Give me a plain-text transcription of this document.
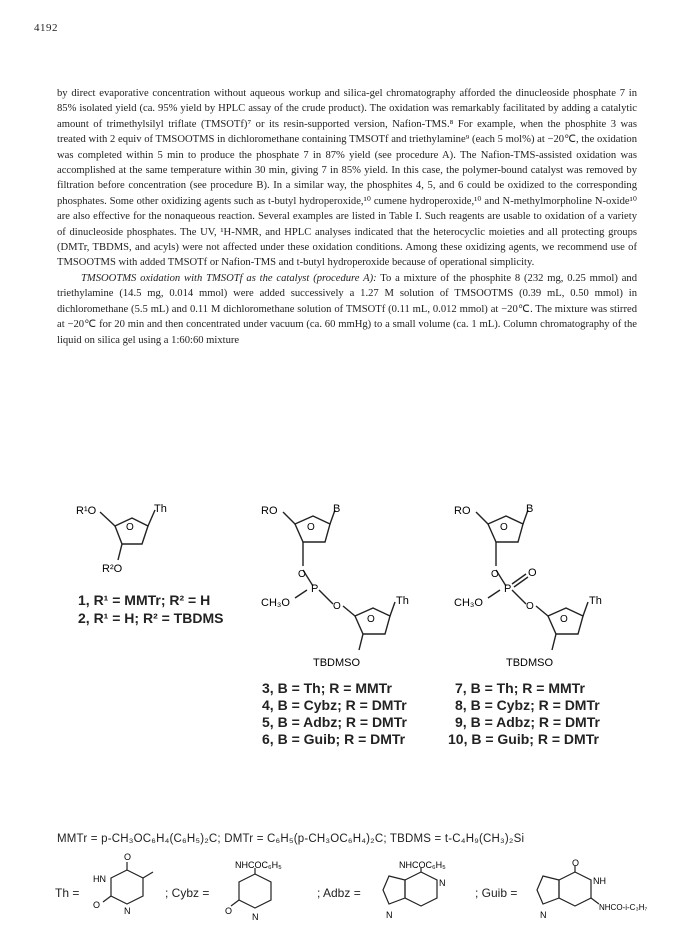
4192

by direct evaporative concentration without aqueous workup and silica-gel chromatography afforded the dinucleoside phosphate 7 in 85% isolated yield (ca. 95% yield by HPLC assay of the crude product). The oxidation was remarkably facilitated by adding a catalytic amount of trimethylsilyl triflate (TMSOTf)⁷ or its resin-supported version, Nafion-TMS.⁸ For example, when the phosphite 3 was treated with 2 equiv of TMSOOTMS in dichloromethane containing TMSOTf and triethylamine⁹ (each 5 mol%) at −20℃, the oxidation was completed within 5 min to produce the phosphate 7 in 87% yield (see procedure A). The Nafion-TMS-assisted oxidation was accomplished at the same temperature within 30 min, giving 7 in 85% yield. In this case, the polymer-bound catalyst was removed by filtration before concentration (see procedure B). In a similar way, the phosphites 4, 5, and 6 could be oxidized to the corresponding phosphates. Some other oxidizing agents such as t-butyl hydroperoxide,¹⁰ cumene hydroperoxide,¹⁰ and N-methylmorpholine N-oxide¹⁰ are also effective for the nonaqueous reaction. Several examples are listed in Table I. Such reagents are usable to oxidation of a variety of dinucleoside phosphates. The UV, ¹H-NMR, and HPLC analyses indicated that the heterocyclic moieties and all protecting groups (DMTr, TBDMS, and acyls) were not affected under these oxidation conditions. Among these oxidizing agents, we recommend use of TMSOOTMS with added TMSOTf or Nafion-TMS and t-butyl hydroperoxide because of operational simplicity.

TMSOOTMS oxidation with TMSOTf as the catalyst (procedure A): To a mixture of the phosphite 8 (232 mg, 0.25 mmol) and triethylamine (14.5 mg, 0.014 mmol) were added successively a 1.27 M solution of TMSOOTMS (0.39 mL, 0.50 mmol) in dichloromethane (5.5 mL) and 0.11 M dichloromethane solution of TMSOTf (0.11 mL, 0.012 mmol) at −20℃. The mixture was stirred at −20℃ for 20 min and then concentrated under vacuum (ca. 60 mmHg) to a small volume (ca. 1 mL). Column chromatography of the liquid on silica gel using a 1:60:60 mixture

R¹O	Th
O
R²O
1, R¹ = MMTr; R² = H
2, R¹ = H; R² = TBDMS
RO	B
O
O
P
CH₃O	O	Th
O
TBDMSO
3, B = Th; R = MMTr
4, B = Cybz; R = DMTr
5, B = Adbz; R = DMTr
6, B = Guib; R = DMTr
RO	B
O
O
P
O
CH₃O	O	Th
O
TBDMSO
7, B = Th; R = MMTr
8, B = Cybz; R = DMTr
9, B = Adbz; R = DMTr
10, B = Guib; R = DMTr
MMTr = p-CH₃OC₆H₄(C₆H₅)₂C; DMTr = C₆H₅(p-CH₃OC₆H₄)₂C; TBDMS = t-C₄H₉(CH₃)₂Si
Th =
HN
O
O
N
; Cybz =
NHCOC₆H₅
O
N
; Adbz =
NHCOC₆H₅
N
N
; Guib =
O
NH
NHCO-i-C₃H₇
N
